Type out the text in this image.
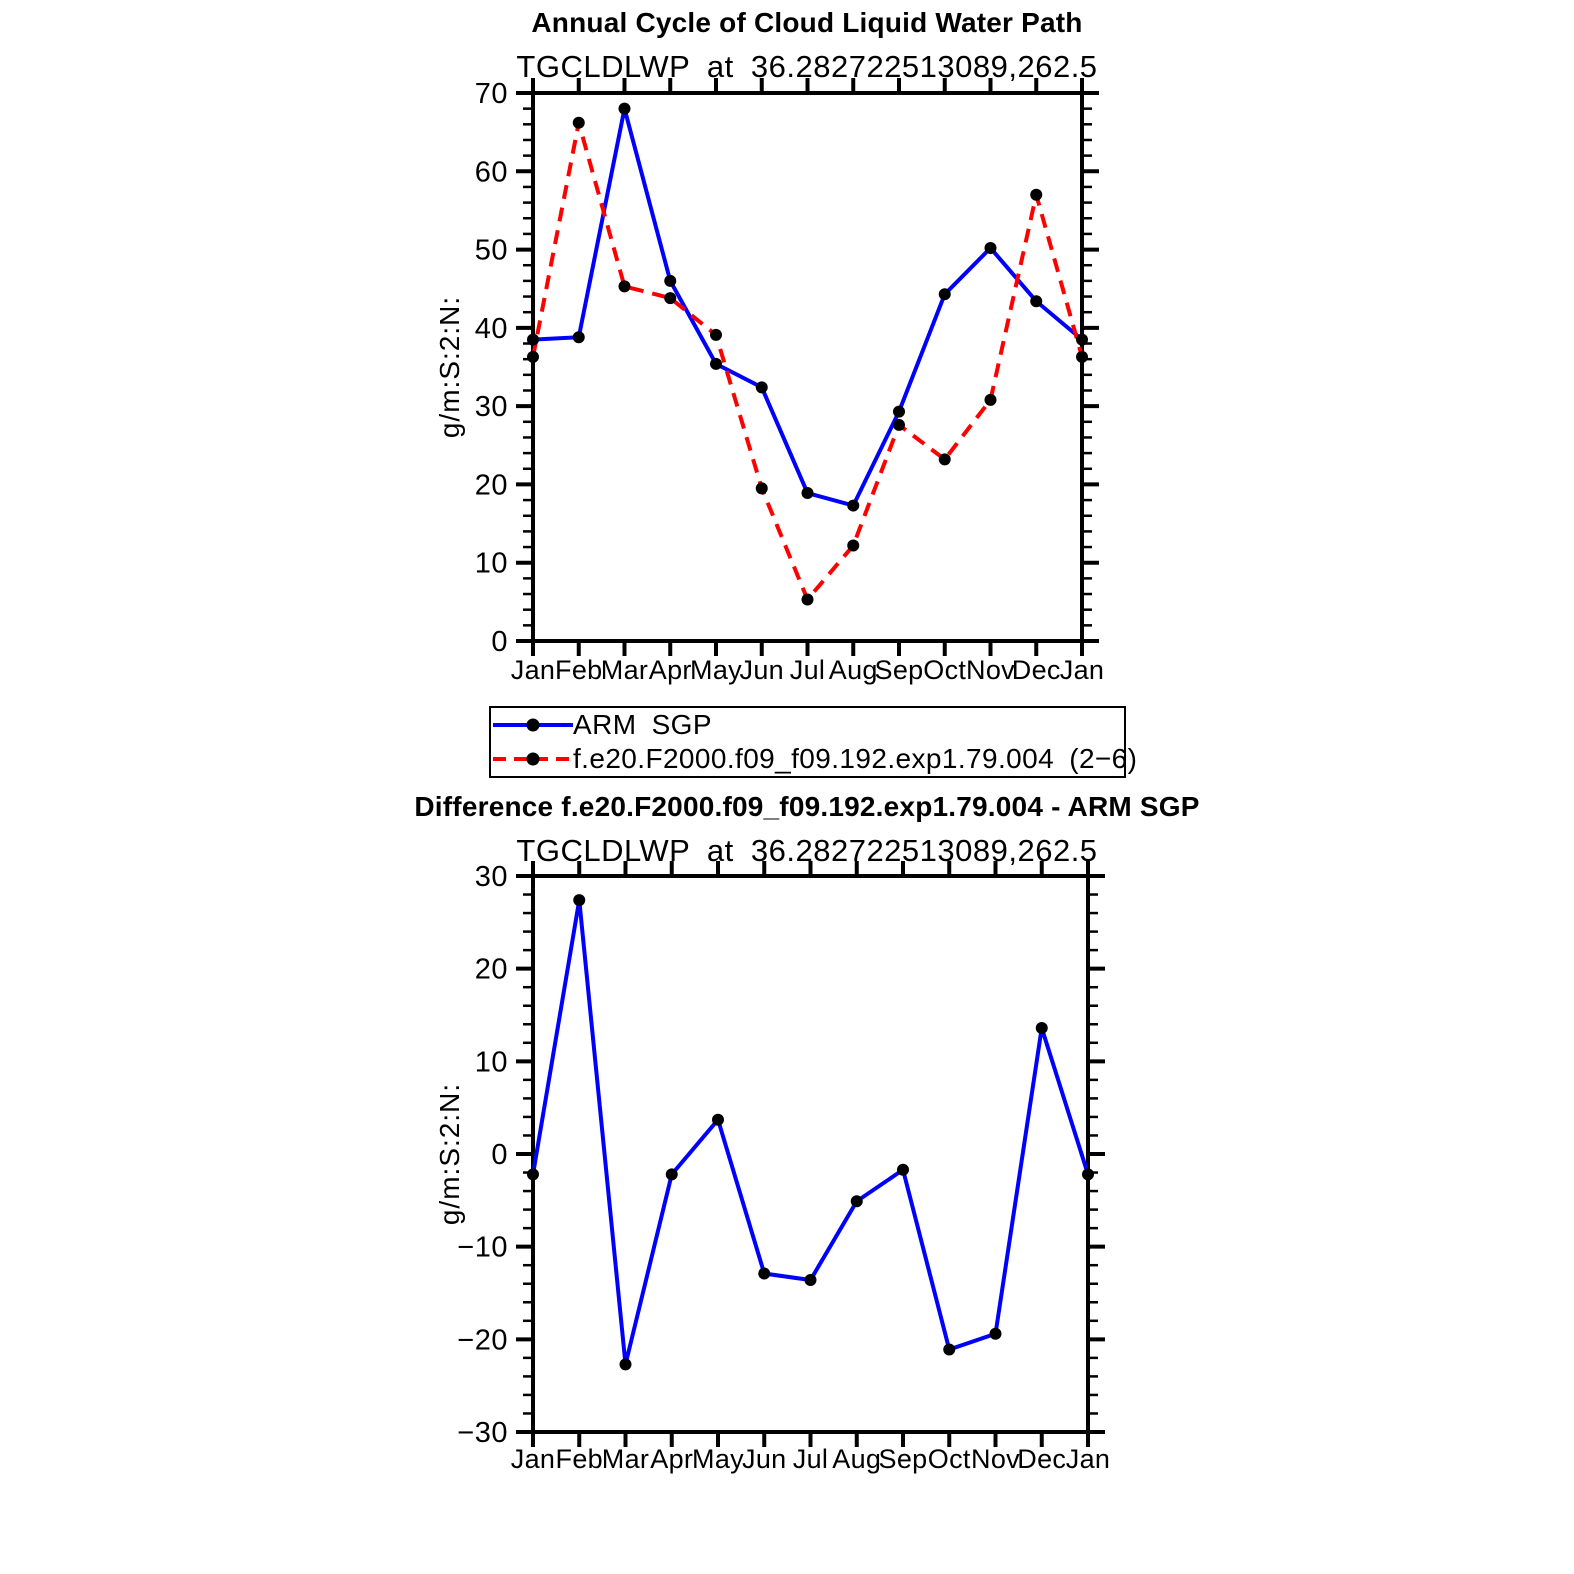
0
10
20
30
40
50
60
70
Jan Feb
Mar Apr
May
Jun Jul Aug
Sep Oct Nov
Dec Jan
−30
−20
−10
0
10
20
30
Jan Feb
Mar Apr
May
Jun Jul Aug
Sep Oct Nov
Dec Jan
Annual Cycle of Cloud Liquid Water Path
TGCLDLWP at 36.282722513089,262.5
g/m:S:2:N:
ARM SGP
f.e20.F2000.f09_f09.192.exp1.79.004 (2−6)
Difference f.e20.F2000.f09_f09.192.exp1.79.004 - ARM SGP
TGCLDLWP at 36.282722513089,262.5
g/m:S:2:N:
